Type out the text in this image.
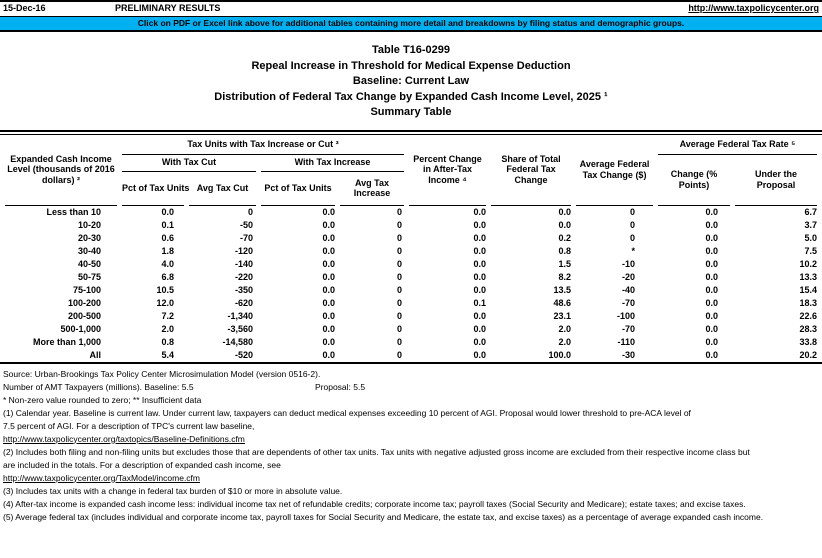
15-Dec-16	PRELIMINARY RESULTS	http://www.taxpolicycenter.org
Click on PDF or Excel link above for additional tables containing more detail and breakdowns by filing status and demographic groups.
Table T16-0299
Repeal Increase in Threshold for Medical Expense Deduction
Baseline: Current Law
Distribution of Federal Tax Change by Expanded Cash Income Level, 2025 ¹
Summary Table
Expanded Cash Income Level (thousands of 2016 dollars) ²	Tax Units with Tax Increase or Cut ³				Percent Change in After-Tax Income ⁴	Share of Total Federal Tax Change	Average Federal Tax Change ($)	Average Federal Tax Rate ⁵	
	With Tax Cut		With Tax Increase					Change (% Points)	Under the Proposal
	Pct of Tax Units	Avg Tax Cut	Pct of Tax Units	Avg Tax Increase					
Less than 10	0.0	0	0.0	0	0.0	0.0	0	0.0	6.7
10-20	0.1	-50	0.0	0	0.0	0.0	0	0.0	3.7
20-30	0.6	-70	0.0	0	0.0	0.2	0	0.0	5.0
30-40	1.8	-120	0.0	0	0.0	0.8	*	0.0	7.5
40-50	4.0	-140	0.0	0	0.0	1.5	-10	0.0	10.2
50-75	6.8	-220	0.0	0	0.0	8.2	-20	0.0	13.3
75-100	10.5	-350	0.0	0	0.0	13.5	-40	0.0	15.4
100-200	12.0	-620	0.0	0	0.1	48.6	-70	0.0	18.3
200-500	7.2	-1,340	0.0	0	0.0	23.1	-100	0.0	22.6
500-1,000	2.0	-3,560	0.0	0	0.0	2.0	-70	0.0	28.3
More than 1,000	0.8	-14,580	0.0	0	0.0	2.0	-110	0.0	33.8
All	5.4	-520	0.0	0	0.0	100.0	-30	0.0	20.2
Source: Urban-Brookings Tax Policy Center Microsimulation Model (version 0516-2).
Number of AMT Taxpayers (millions). Baseline: 5.5	Proposal: 5.5
* Non-zero value rounded to zero; ** Insufficient data
(1) Calendar year. Baseline is current law. Under current law, taxpayers can deduct medical expenses exceeding 10 percent of AGI. Proposal would lower threshold to pre-ACA level of
7.5 percent of AGI. For a description of TPC's current law baseline,
http://www.taxpolicycenter.org/taxtopics/Baseline-Definitions.cfm
(2) Includes both filing and non-filing units but excludes those that are dependents of other tax units. Tax units with negative adjusted gross income are excluded from their respective income class but
are included in the totals. For a description of expanded cash income, see
http://www.taxpolicycenter.org/TaxModel/income.cfm
(3) Includes tax units with a change in federal tax burden of $10 or more in absolute value.
(4) After-tax income is expanded cash income less: individual income tax net of refundable credits; corporate income tax; payroll taxes (Social Security and Medicare); estate taxes; and excise taxes.
(5) Average federal tax (includes individual and corporate income tax, payroll taxes for Social Security and Medicare, the estate tax, and excise taxes) as a percentage of average expanded cash income.
